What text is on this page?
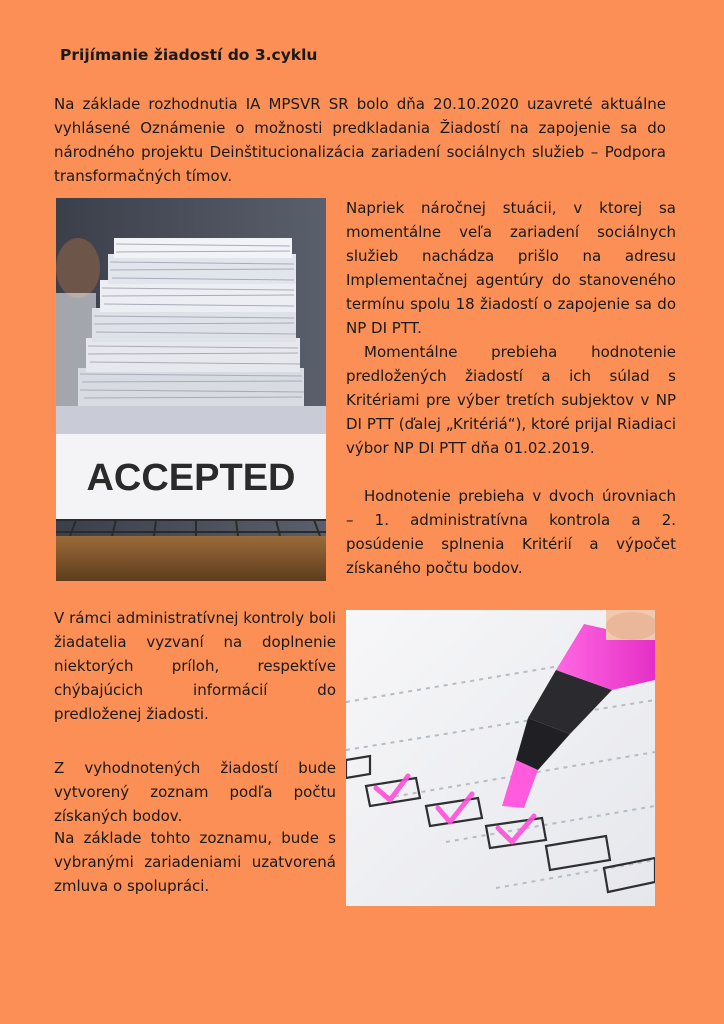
Prijímanie žiadostí do 3.cyklu

Na základe rozhodnutia IA MPSVR SR bolo dňa 20.10.2020 uzavreté aktuálne vyhlásené Oznámenie o možnosti predkladania Žiadostí na zapojenie sa do národného projektu Deinštitucionalizácia zariadení sociálnych služieb – Podpora transformačných tímov.

ACCEPTED
Napriek náročnej stuácii, v ktorej sa momentálne veľa zariadení sociálnych služieb nachádza prišlo na adresu Implementačnej agentúry do stanoveného termínu spolu 18 žiadostí o zapojenie sa do NP DI PTT.
Momentálne prebieha hodnotenie predložených žiadostí a ich súlad s Kritériami pre výber tretích subjektov v NP DI PTT (ďalej „Kritériá“), ktoré prijal Riadiaci výbor NP DI PTT dňa 01.02.2019.
Hodnotenie prebieha v dvoch úrovniach – 1. administratívna kontrola a 2. posúdenie splnenia Kritérií a výpočet získaného počtu bodov.
V rámci administratívnej kontroly boli žiadatelia vyzvaní na doplnenie niektorých príloh, respektíve chýbajúcich informácií do predloženej žiadosti.
Z vyhodnotených žiadostí bude vytvorený zoznam podľa počtu získaných bodov.
Na základe tohto zoznamu, bude s vybranými zariadeniami uzatvorená zmluva o spolupráci.
